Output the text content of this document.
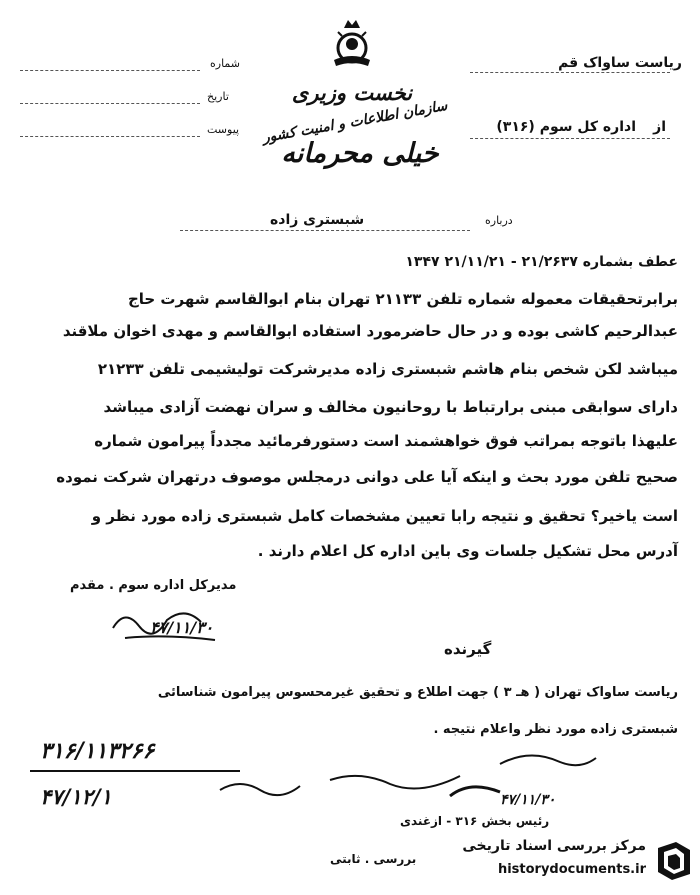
نخست وزیری
سازمان اطلاعات و امنیت کشور
خیلی محرمانه
شماره
تاریخ
پیوست
ریاست ساواک قم
از
اداره کل سوم (۳۱۶)
درباره
شبستری زاده
عطف بشماره ۲۱/۲۶۳۷ - ۲۱/۱۱/۲۱ ۱۳۴۷
برابرتحقیقات معموله شماره تلفن ۲۱۱۳۳ تهران بنام ابوالقاسم شهرت حاج
عبدالرحیم کاشی بوده و در حال حاضرمورد استفاده ابوالقاسم و مهدی اخوان ملاقند
میباشد لکن شخص بنام هاشم شبستری زاده مدیرشرکت تولیشیمی تلفن ۲۱۲۳۳
دارای سوابقی مبنی برارتباط با روحانیون مخالف و سران نهضت آزادی میباشد
علیهذا باتوجه بمراتب فوق خواهشمند است دستورفرمائید مجدداً پیرامون شماره
صحیح تلفن مورد بحث و اینکه آیا علی دوانی درمجلس موصوف درتهران شرکت نموده
است یاخیر؟ تحقیق و نتیجه رابا تعیین مشخصات کامل شبستری زاده مورد نظر و
آدرس محل تشکیل جلسات وی باین اداره کل اعلام دارند .
مدیرکل اداره سوم . مقدم
۴۷/۱۱/۳۰
گیرنده
ریاست ساواک تهران ( هـ ۳ ) جهت اطلاع و تحقیق غیرمحسوس پیرامون شناسائی
شبستری زاده مورد نظر واعلام نتیجه .
۳۱۶/۱۱۳۲۶۶
۴۷/۱۲/۱	۴۷/۱۱/۳۰
رئیس بخش ۳۱۶ - ازغندی
بررسی . ثابتی
مرکز بررسی اسناد تاریخی
historydocuments.ir
